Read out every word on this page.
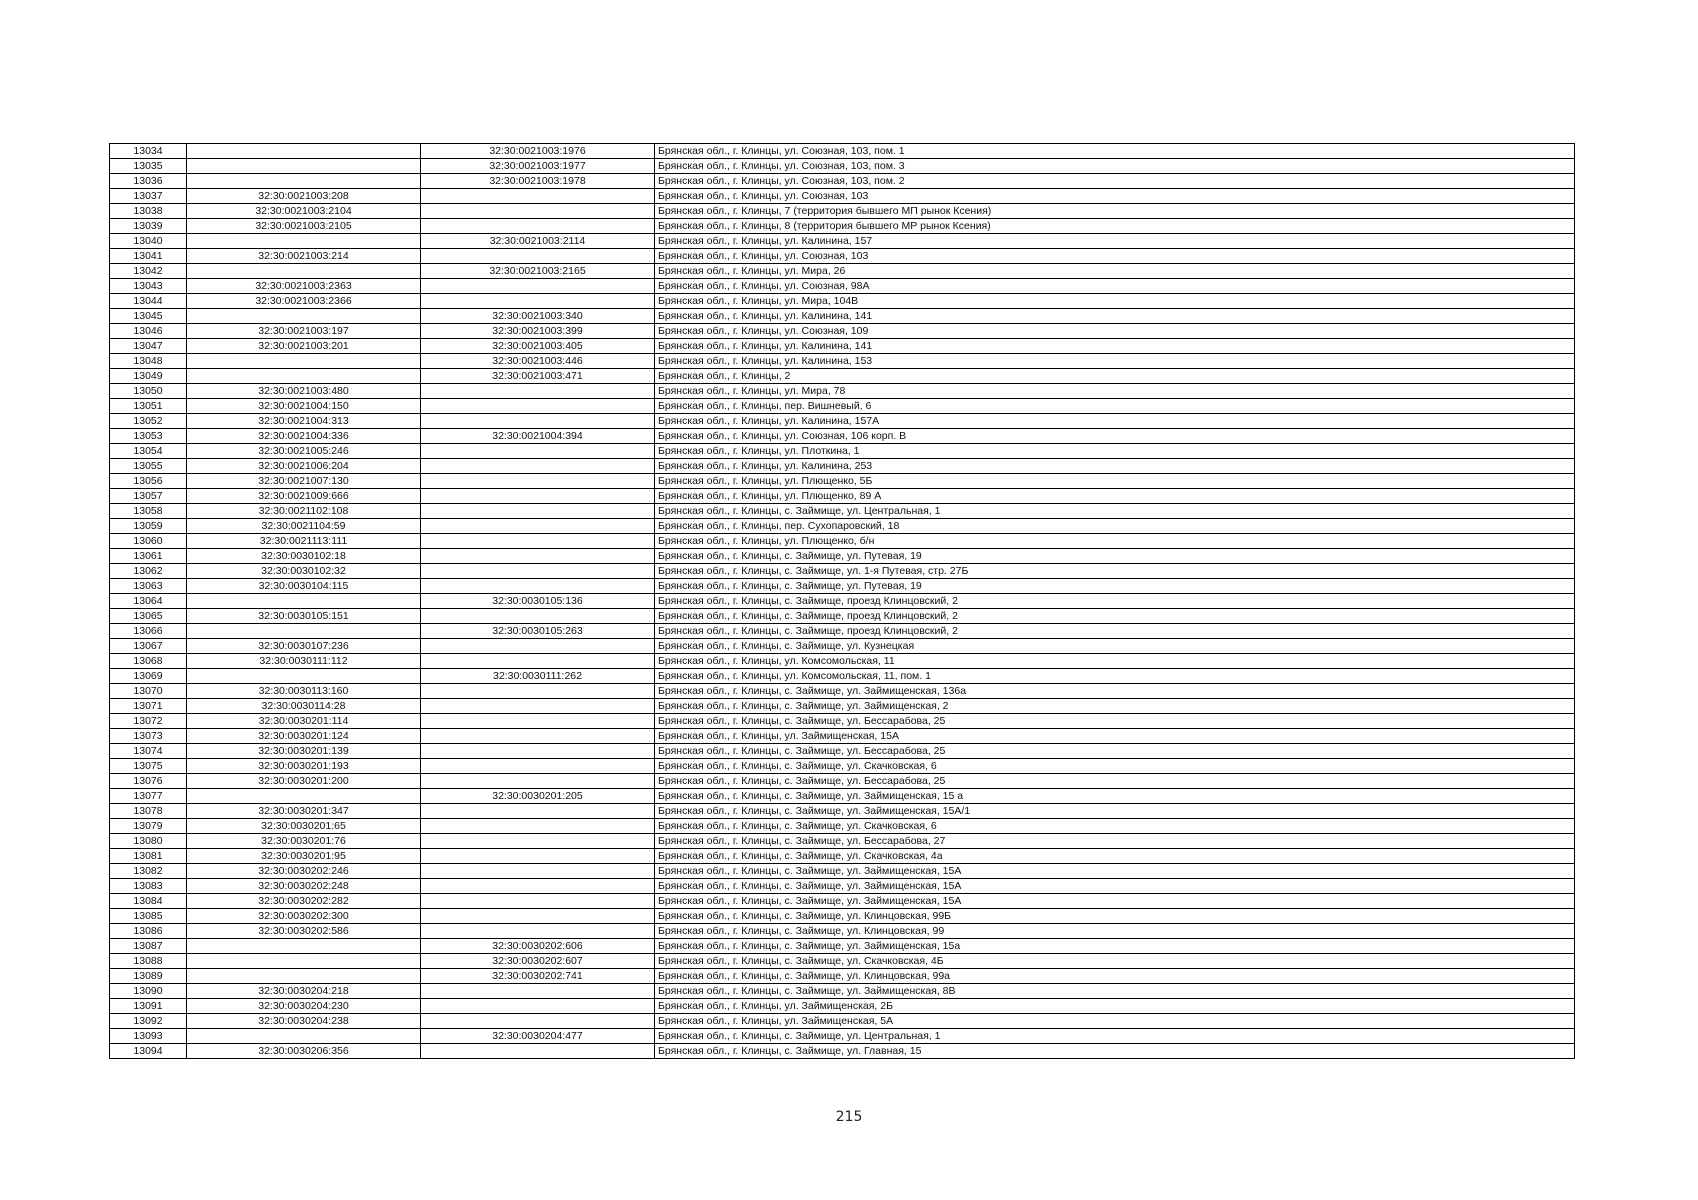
13034		32:30:0021003:1976	Брянская обл., г. Клинцы, ул. Союзная, 103, пом. 1
13035		32:30:0021003:1977	Брянская обл., г. Клинцы, ул. Союзная, 103, пом. 3
13036		32:30:0021003:1978	Брянская обл., г. Клинцы, ул. Союзная, 103, пом. 2
13037	32:30:0021003:208		Брянская обл., г. Клинцы, ул. Союзная, 103
13038	32:30:0021003:2104		Брянская обл., г. Клинцы, 7 (территория бывшего МП рынок Ксения)
13039	32:30:0021003:2105		Брянская обл., г. Клинцы, 8 (территория бывшего МР рынок Ксения)
13040		32:30:0021003:2114	Брянская обл., г. Клинцы, ул. Калинина, 157
13041	32:30:0021003:214		Брянская обл., г. Клинцы, ул. Союзная, 103
13042		32:30:0021003:2165	Брянская обл., г. Клинцы, ул. Мира, 26
13043	32:30:0021003:2363		Брянская обл., г. Клинцы, ул. Союзная, 98А
13044	32:30:0021003:2366		Брянская обл., г. Клинцы, ул. Мира, 104В
13045		32:30:0021003:340	Брянская обл., г. Клинцы, ул. Калинина, 141
13046	32:30:0021003:197	32:30:0021003:399	Брянская обл., г. Клинцы, ул. Союзная, 109
13047	32:30:0021003:201	32:30:0021003:405	Брянская обл., г. Клинцы, ул. Калинина, 141
13048		32:30:0021003:446	Брянская обл., г. Клинцы, ул. Калинина, 153
13049		32:30:0021003:471	Брянская обл., г. Клинцы, 2
13050	32:30:0021003:480		Брянская обл., г. Клинцы, ул. Мира, 78
13051	32:30:0021004:150		Брянская обл., г. Клинцы, пер. Вишневый, 6
13052	32:30:0021004:313		Брянская обл., г. Клинцы, ул. Калинина, 157А
13053	32:30:0021004:336	32:30:0021004:394	Брянская обл., г. Клинцы, ул. Союзная, 106 корп. В
13054	32:30:0021005:246		Брянская обл., г. Клинцы, ул. Плоткина, 1
13055	32:30:0021006:204		Брянская обл., г. Клинцы, ул. Калинина, 253
13056	32:30:0021007:130		Брянская обл., г. Клинцы, ул. Плющенко, 5Б
13057	32:30:0021009:666		Брянская обл., г. Клинцы, ул. Плющенко, 89 А
13058	32:30:0021102:108		Брянская обл., г. Клинцы, с. Займище, ул. Центральная, 1
13059	32:30:0021104:59		Брянская обл., г. Клинцы, пер. Сухопаровский, 18
13060	32:30:0021113:111		Брянская обл., г. Клинцы, ул. Плющенко, б/н
13061	32:30:0030102:18		Брянская обл., г. Клинцы, с. Займище, ул. Путевая, 19
13062	32:30:0030102:32		Брянская обл., г. Клинцы, с. Займище, ул. 1-я Путевая, стр. 27Б
13063	32:30:0030104:115		Брянская обл., г. Клинцы, с. Займище, ул. Путевая, 19
13064		32:30:0030105:136	Брянская обл., г. Клинцы, с. Займище, проезд Клинцовский, 2
13065	32:30:0030105:151		Брянская обл., г. Клинцы, с. Займище, проезд Клинцовский, 2
13066		32:30:0030105:263	Брянская обл., г. Клинцы, с. Займище, проезд Клинцовский, 2
13067	32:30:0030107:236		Брянская обл., г. Клинцы, с. Займище, ул. Кузнецкая
13068	32:30:0030111:112		Брянская обл., г. Клинцы, ул. Комсомольская, 11
13069		32:30:0030111:262	Брянская обл., г. Клинцы, ул. Комсомольская, 11, пом. 1
13070	32:30:0030113:160		Брянская обл., г. Клинцы, с. Займище, ул. Займищенская, 136а
13071	32:30:0030114:28		Брянская обл., г. Клинцы, с. Займище, ул. Займищенская, 2
13072	32:30:0030201:114		Брянская обл., г. Клинцы, с. Займище, ул. Бессарабова, 25
13073	32:30:0030201:124		Брянская обл., г. Клинцы, ул. Займищенская, 15А
13074	32:30:0030201:139		Брянская обл., г. Клинцы, с. Займище, ул. Бессарабова, 25
13075	32:30:0030201:193		Брянская обл., г. Клинцы, с. Займище, ул. Скачковская, 6
13076	32:30:0030201:200		Брянская обл., г. Клинцы, с. Займище, ул. Бессарабова, 25
13077		32:30:0030201:205	Брянская обл., г. Клинцы, с. Займище, ул. Займищенская, 15 а
13078	32:30:0030201:347		Брянская обл., г. Клинцы, с. Займище, ул. Займищенская, 15А/1
13079	32:30:0030201:65		Брянская обл., г. Клинцы, с. Займище, ул. Скачковская, 6
13080	32:30:0030201:76		Брянская обл., г. Клинцы, с. Займище, ул. Бессарабова, 27
13081	32:30:0030201:95		Брянская обл., г. Клинцы, с. Займище, ул. Скачковская, 4а
13082	32:30:0030202:246		Брянская обл., г. Клинцы, с. Займище, ул. Займищенская, 15А
13083	32:30:0030202:248		Брянская обл., г. Клинцы, с. Займище, ул. Займищенская, 15А
13084	32:30:0030202:282		Брянская обл., г. Клинцы, с. Займище, ул. Займищенская, 15А
13085	32:30:0030202:300		Брянская обл., г. Клинцы, с. Займище, ул. Клинцовская, 99Б
13086	32:30:0030202:586		Брянская обл., г. Клинцы, с. Займище, ул. Клинцовская, 99
13087		32:30:0030202:606	Брянская обл., г. Клинцы, с. Займище, ул. Займищенская, 15а
13088		32:30:0030202:607	Брянская обл., г. Клинцы, с. Займище, ул. Скачковская, 4Б
13089		32:30:0030202:741	Брянская обл., г. Клинцы, с. Займище, ул. Клинцовская, 99а
13090	32:30:0030204:218		Брянская обл., г. Клинцы, с. Займище, ул. Займищенская, 8В
13091	32:30:0030204:230		Брянская обл., г. Клинцы, ул. Займищенская, 2Б
13092	32:30:0030204:238		Брянская обл., г. Клинцы, ул. Займищенская, 5А
13093		32:30:0030204:477	Брянская обл., г. Клинцы, с. Займище, ул. Центральная, 1
13094	32:30:0030206:356		Брянская обл., г. Клинцы, с. Займище, ул. Главная, 15
215
